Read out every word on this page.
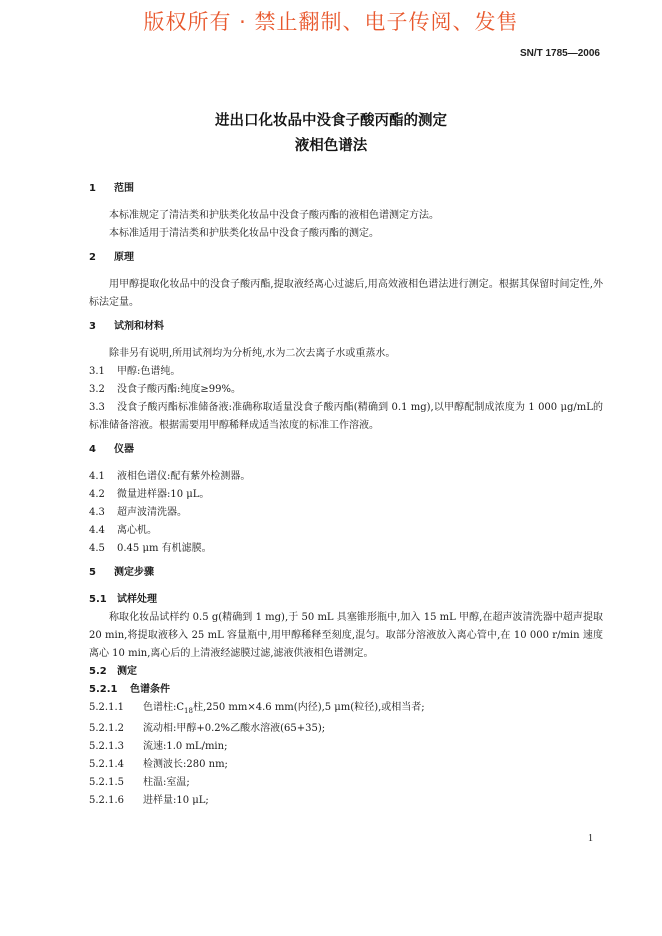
版权所有 · 禁止翻制、电子传阅、发售
SN/T 1785—2006
进出口化妆品中没食子酸丙酯的测定
液相色谱法
1 范围
本标准规定了清洁类和护肤类化妆品中没食子酸丙酯的液相色谱测定方法。
本标准适用于清洁类和护肤类化妆品中没食子酸丙酯的测定。
2 原理
用甲醇提取化妆品中的没食子酸丙酯,提取液经离心过滤后,用高效液相色谱法进行测定。根据其保留时间定性,外标法定量。
3 试剂和材料
除非另有说明,所用试剂均为分析纯,水为二次去离子水或重蒸水。
3.1 甲醇:色谱纯。
3.2 没食子酸丙酯:纯度≥99%。
3.3 没食子酸丙酯标准储备液:准确称取适量没食子酸丙酯(精确到 0.1 mg),以甲醇配制成浓度为 1 000 μg/mL的标准储备溶液。根据需要用甲醇稀释成适当浓度的标准工作溶液。
4 仪器
4.1 液相色谱仪:配有紫外检测器。
4.2 微量进样器:10 μL。
4.3 超声波清洗器。
4.4 离心机。
4.5 0.45 μm 有机滤膜。
5 测定步骤
5.1 试样处理
称取化妆品试样约 0.5 g(精确到 1 mg),于 50 mL 具塞锥形瓶中,加入 15 mL 甲醇,在超声波清洗器中超声提取 20 min,将提取液移入 25 mL 容量瓶中,用甲醇稀释至刻度,混匀。取部分溶液放入离心管中,在 10 000 r/min 速度离心 10 min,离心后的上清液经滤膜过滤,滤液供液相色谱测定。
5.2 测定
5.2.1 色谱条件
5.2.1.1 色谱柱$:C_{18}$柱,250 mm×4.6 mm(内径),5 μm(粒径),或相当者;
5.2.1.2 流动相:甲醇+0.2%乙酸水溶液(65+35);
5.2.1.3 流速:1.0 mL/min;
5.2.1.4 检测波长:280 nm;
5.2.1.5 柱温:室温;
5.2.1.6 进样量:10 μL;
1
